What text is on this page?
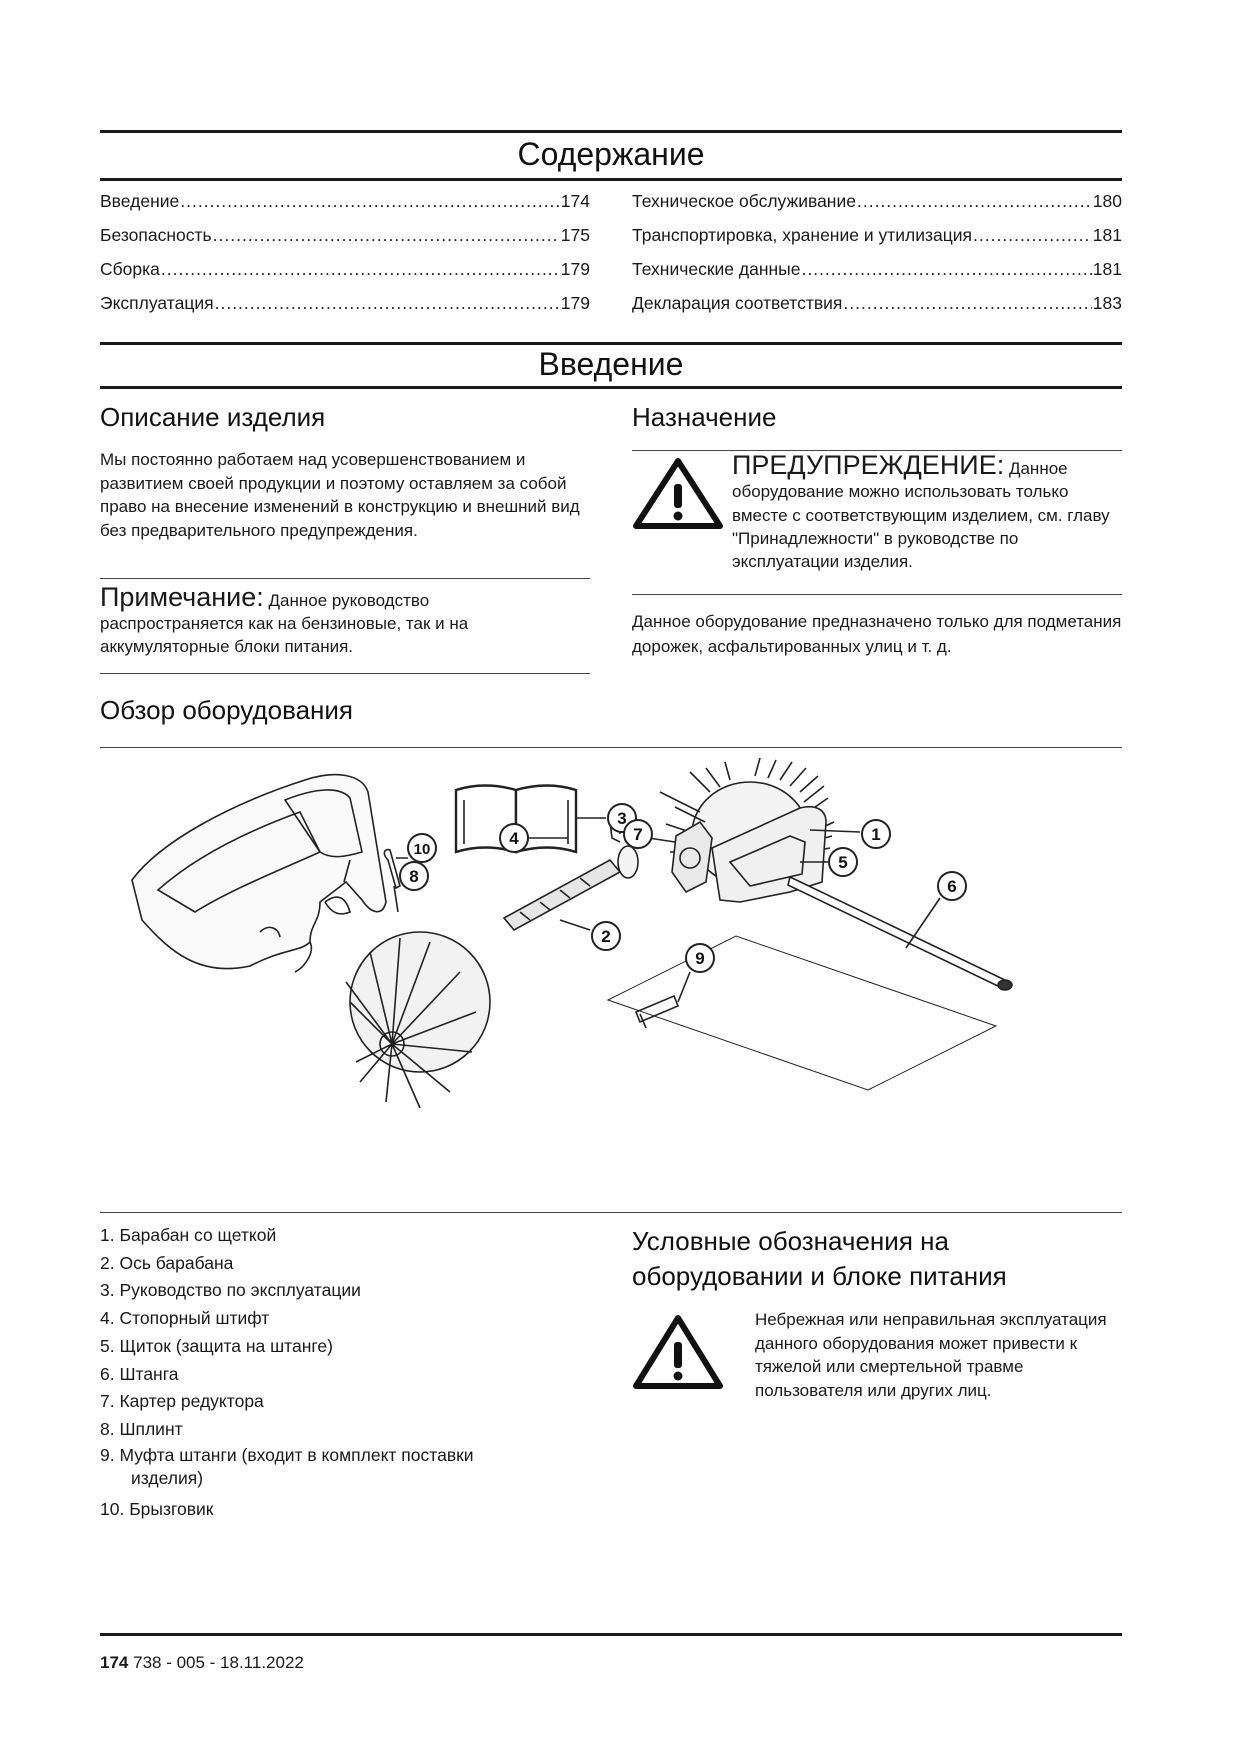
Содержание
Введение .....	174
Безопасность .....	175
Сборка .....	179
Эксплуатация .....	179
Техническое обслуживание .....	180
Транспортировка, хранение и утилизация .....	181
Технические данные .....	181
Декларация соответствия .....	183
Введение
Описание изделия
Мы постоянно работаем над усовершенствованием и развитием своей продукции и поэтому оставляем за собой право на внесение изменений в конструкцию и внешний вид без предварительного предупреждения.
Примечание: Данное руководство распространяется как на бензиновые, так и на аккумуляторные блоки питания.
Назначение
ПРЕДУПРЕЖДЕНИЕ: Данное оборудование можно использовать только вместе с соответствующим изделием, см. главу "Принадлежности" в руководстве по эксплуатации изделия.
Данное оборудование предназначено только для подметания дорожек, асфальтированных улиц и т. д.
Обзор оборудования
1
2
3
4
5
6
7
8
9
10
1. Барабан со щеткой
2. Ось барабана
3. Руководство по эксплуатации
4. Стопорный штифт
5. Щиток (защита на штанге)
6. Штанга
7. Картер редуктора
8. Шплинт
9. Муфта штанги (входит в комплект поставки
изделия)
10. Брызговик
Условные обозначения на
оборудовании и блоке питания
Небрежная или неправильная эксплуатация данного оборудования может привести к тяжелой или смертельной травме пользователя или других лиц.
174 738 - 005 - 18.11.2022
